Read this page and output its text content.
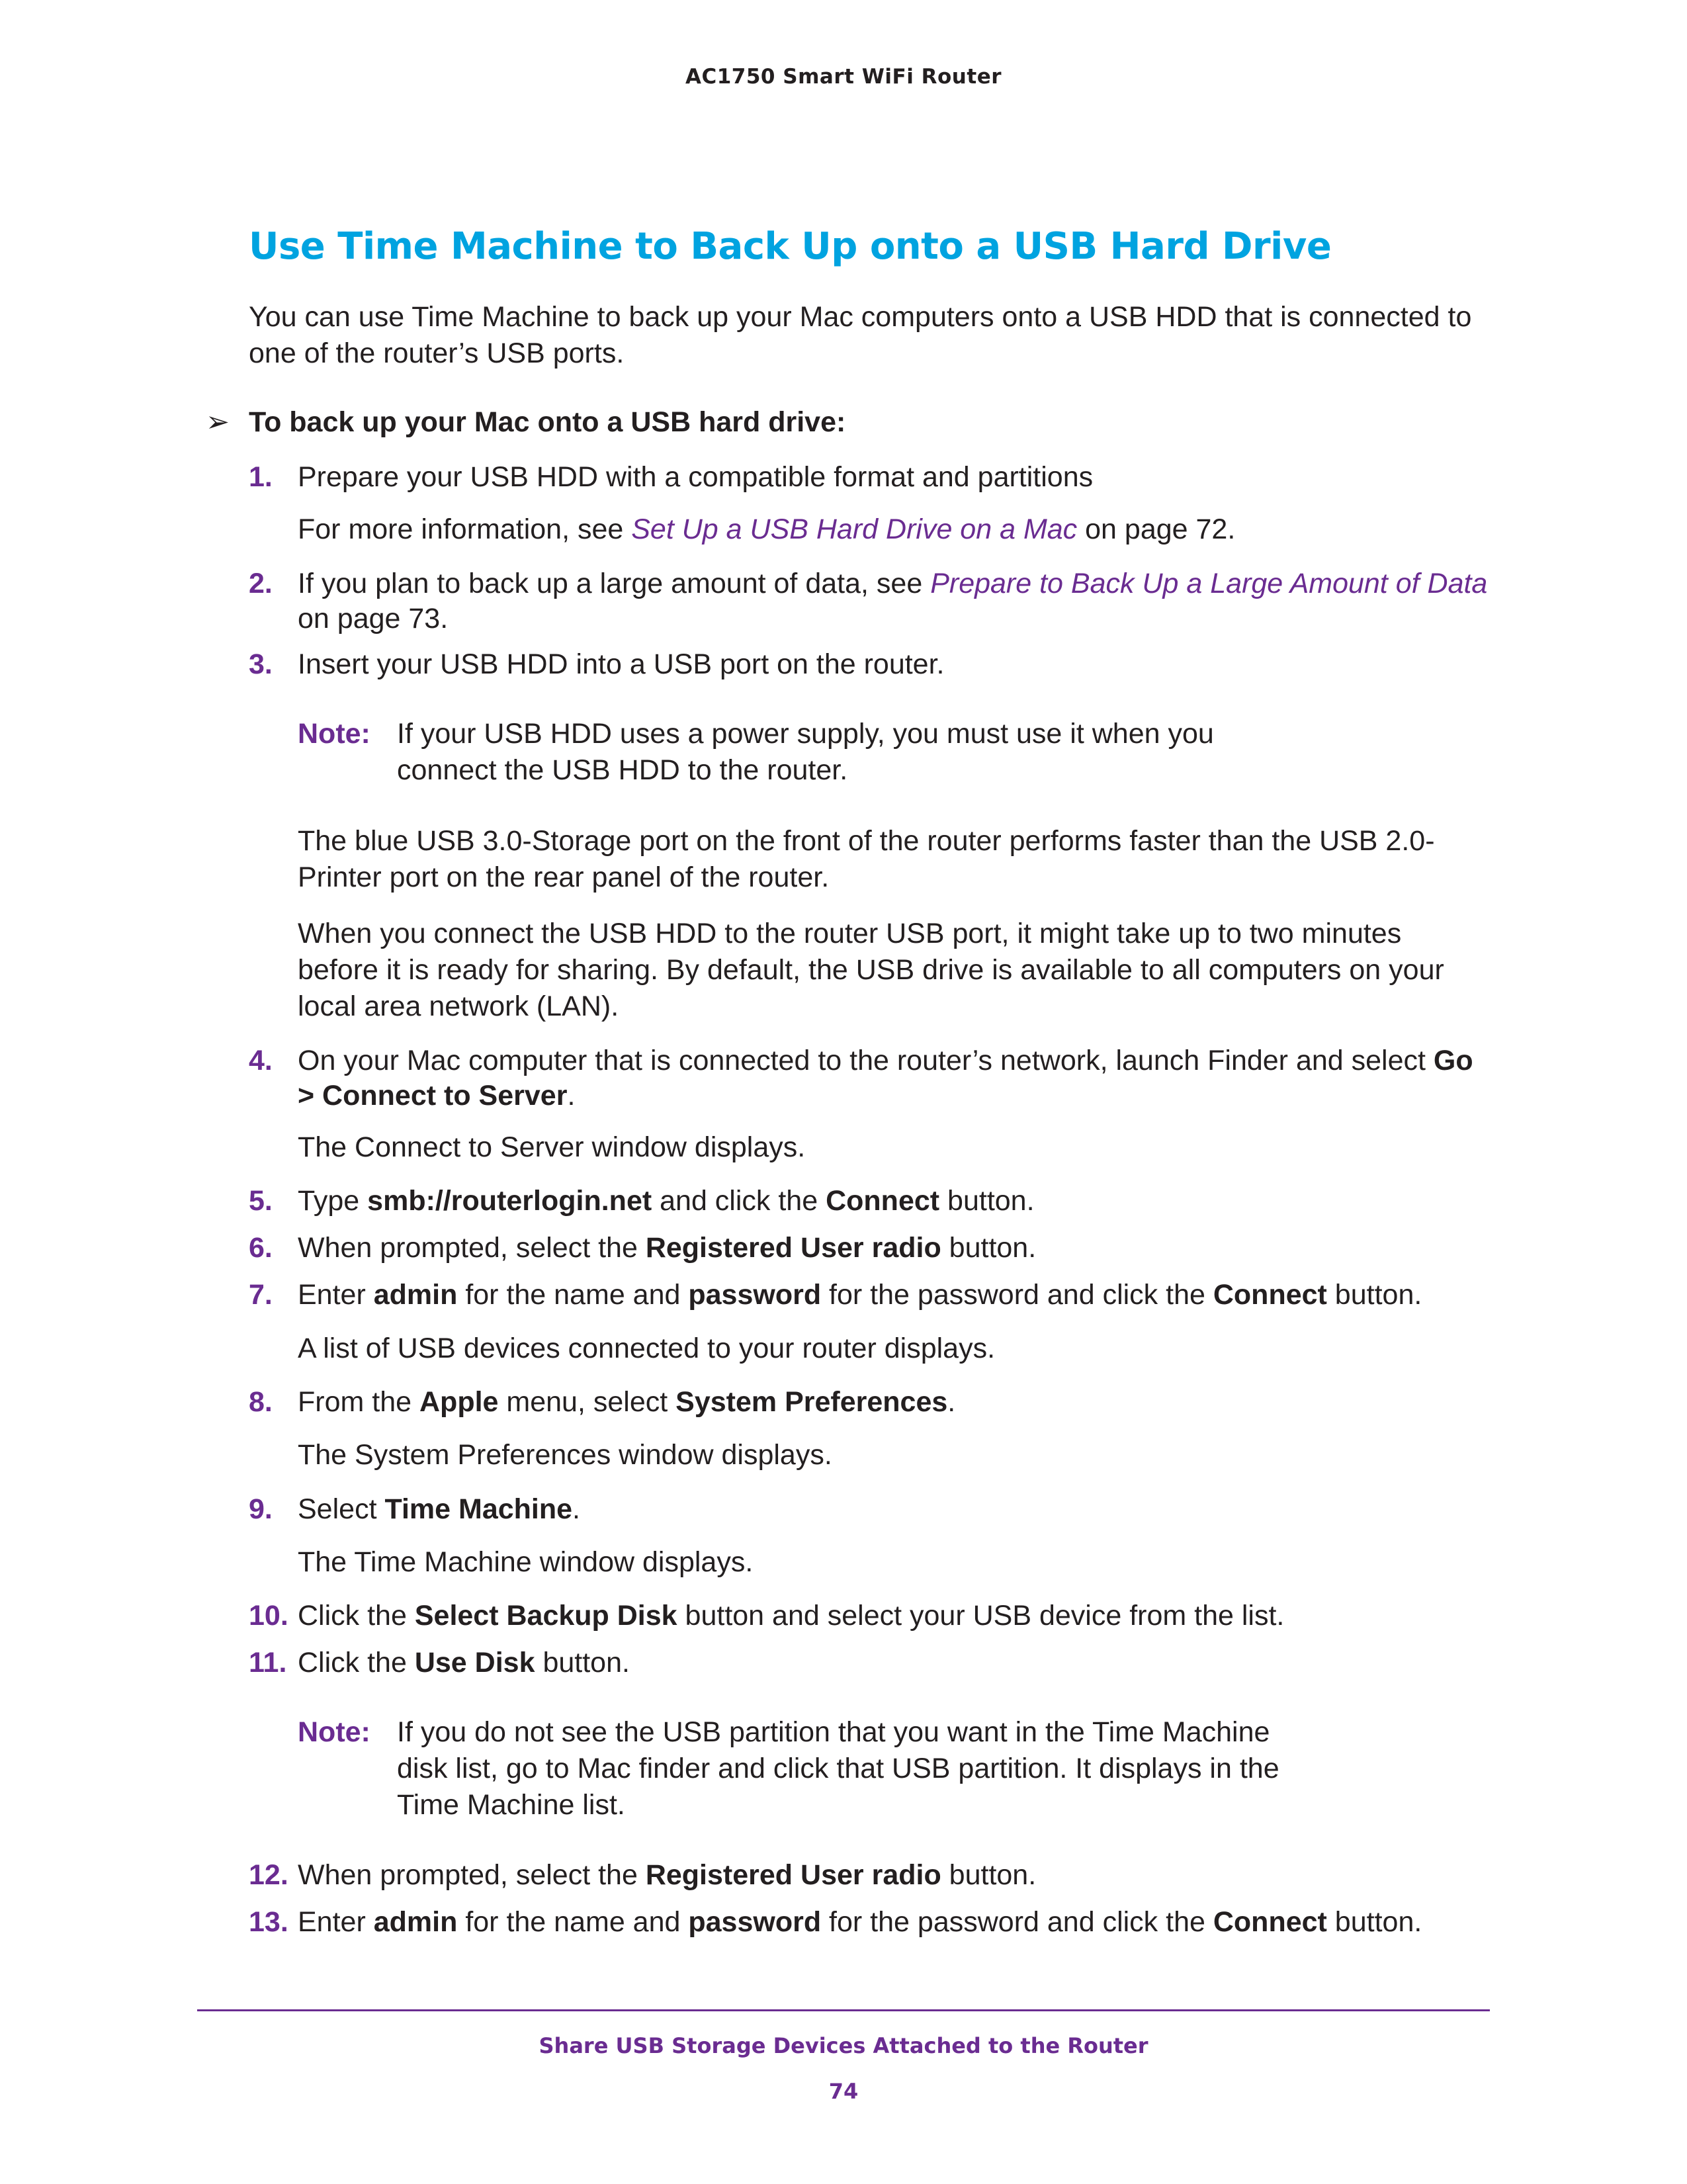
AC1750 Smart WiFi Router
Use Time Machine to Back Up onto a USB Hard Drive
You can use Time Machine to back up your Mac computers onto a USB HDD that is connected to one of the router’s USB ports.
➢ To back up your Mac onto a USB hard drive:
1. Prepare your USB HDD with a compatible format and partitions
For more information, see Set Up a USB Hard Drive on a Mac on page 72.
2. If you plan to back up a large amount of data, see Prepare to Back Up a Large Amount of Data on page 73.
3. Insert your USB HDD into a USB port on the router.
Note: If your USB HDD uses a power supply, you must use it when you connect the USB HDD to the router.
The blue USB 3.0-Storage port on the front of the router performs faster than the USB 2.0-Printer port on the rear panel of the router.
When you connect the USB HDD to the router USB port, it might take up to two minutes before it is ready for sharing. By default, the USB drive is available to all computers on your local area network (LAN).
4. On your Mac computer that is connected to the router’s network, launch Finder and select Go > Connect to Server.
The Connect to Server window displays.
5. Type smb://routerlogin.net and click the Connect button.
6. When prompted, select the Registered User radio button.
7. Enter admin for the name and password for the password and click the Connect button.
A list of USB devices connected to your router displays.
8. From the Apple menu, select System Preferences.
The System Preferences window displays.
9. Select Time Machine.
The Time Machine window displays.
10. Click the Select Backup Disk button and select your USB device from the list.
11. Click the Use Disk button.
Note: If you do not see the USB partition that you want in the Time Machine disk list, go to Mac finder and click that USB partition. It displays in the Time Machine list.
12. When prompted, select the Registered User radio button.
13. Enter admin for the name and password for the password and click the Connect button.
Share USB Storage Devices Attached to the Router
74
